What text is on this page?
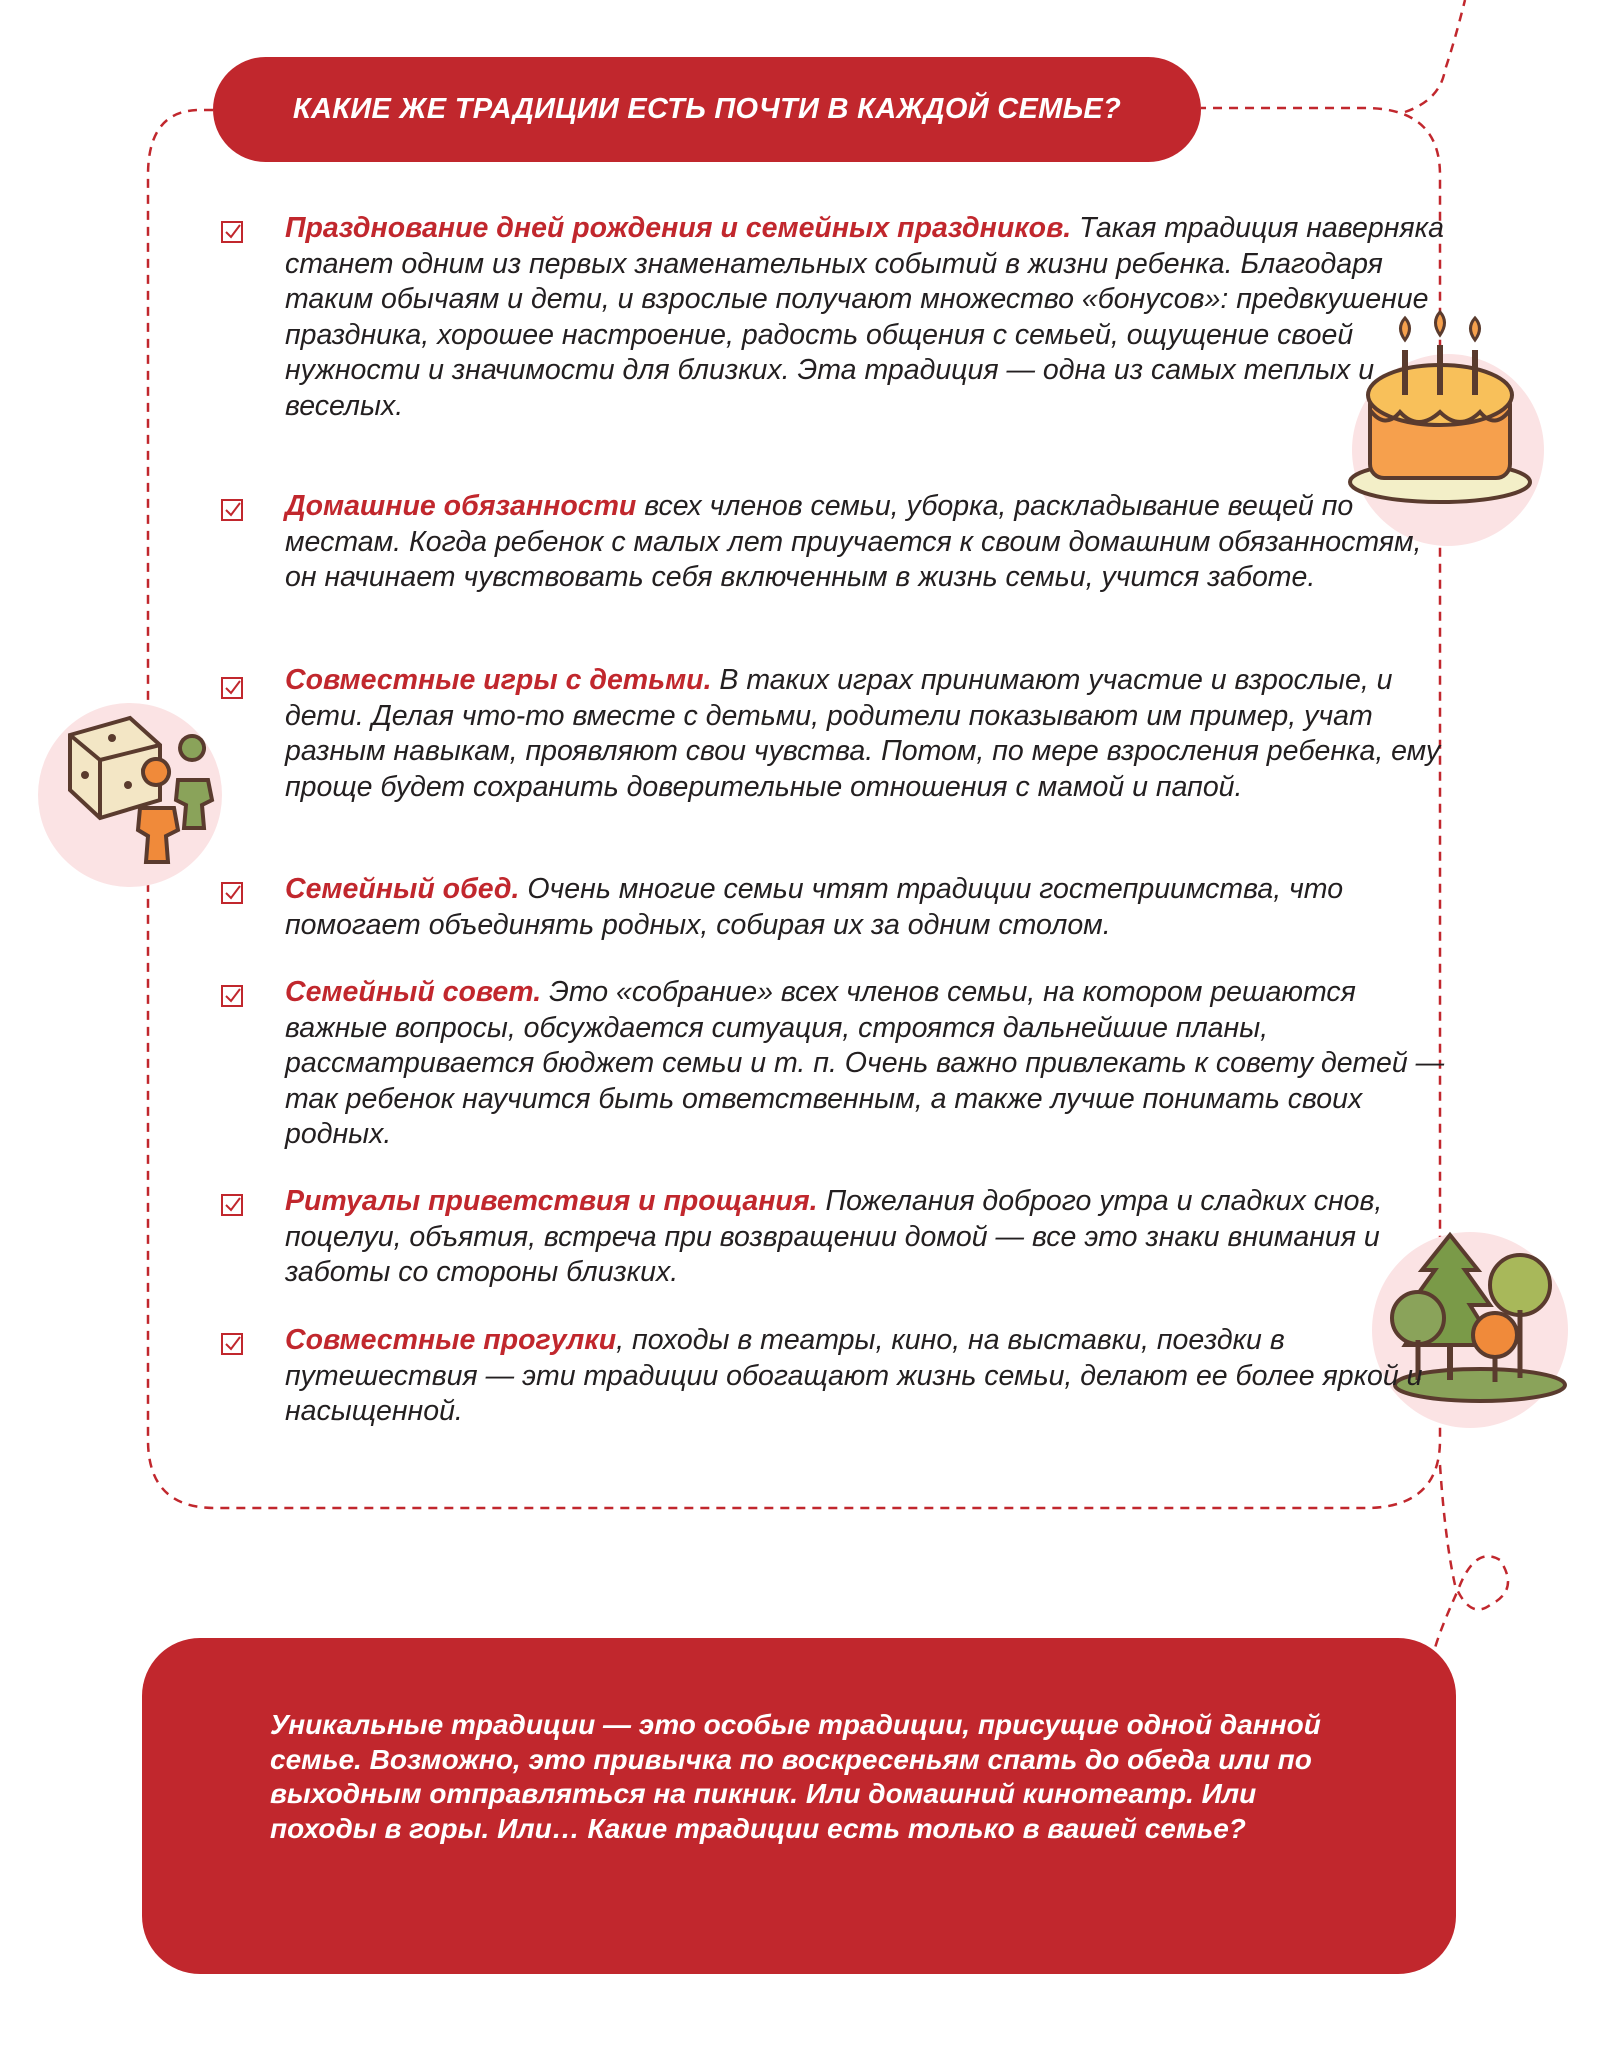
КАКИЕ ЖЕ ТРАДИЦИИ ЕСТЬ ПОЧТИ В КАЖДОЙ СЕМЬЕ?
Празднование дней рождения и семейных праздников. Такая традиция наверняка станет одним из первых знаменательных событий в жизни ребенка. Благодаря таким обычаям и дети, и взрослые получают множество «бонусов»: предвкушение праздника, хорошее настроение, радость общения с семьей, ощущение своей нужности и значимости для близких. Эта традиция — одна из самых теплых и веселых.
Домашние обязанности всех членов семьи, уборка, раскладывание вещей по местам. Когда ребенок с малых лет приучается к своим домашним обязанностям, он начинает чувствовать себя включенным в жизнь семьи, учится заботе.
Совместные игры с детьми. В таких играх принимают участие и взрослые, и дети. Делая что-то вместе с детьми, родители показывают им пример, учат разным навыкам, проявляют свои чувства. Потом, по мере взросления ребенка, ему проще будет сохранить доверительные отношения с мамой и папой.
Семейный обед. Очень многие семьи чтят традиции гостеприимства, что помогает объединять родных, собирая их за одним столом.
Семейный совет. Это «собрание» всех членов семьи, на котором решаются важные вопросы, обсуждается ситуация, строятся дальнейшие планы, рассматривается бюджет семьи и т. п. Очень важно привлекать к совету детей — так ребенок научится быть ответственным, а также лучше понимать своих родных.
Ритуалы приветствия и прощания. Пожелания доброго утра и сладких снов, поцелуи, объятия, встреча при возвращении домой — все это знаки внимания и заботы со стороны близких.
Совместные прогулки, походы в театры, кино, на выставки, поездки в путешествия — эти традиции обогащают жизнь семьи, делают ее более яркой и насыщенной.
Уникальные традиции — это особые традиции, присущие одной данной семье. Возможно, это привычка по воскресеньям спать до обеда или по выходным отправляться на пикник. Или домашний кинотеатр. Или походы в горы. Или… Какие традиции есть только в вашей семье?
